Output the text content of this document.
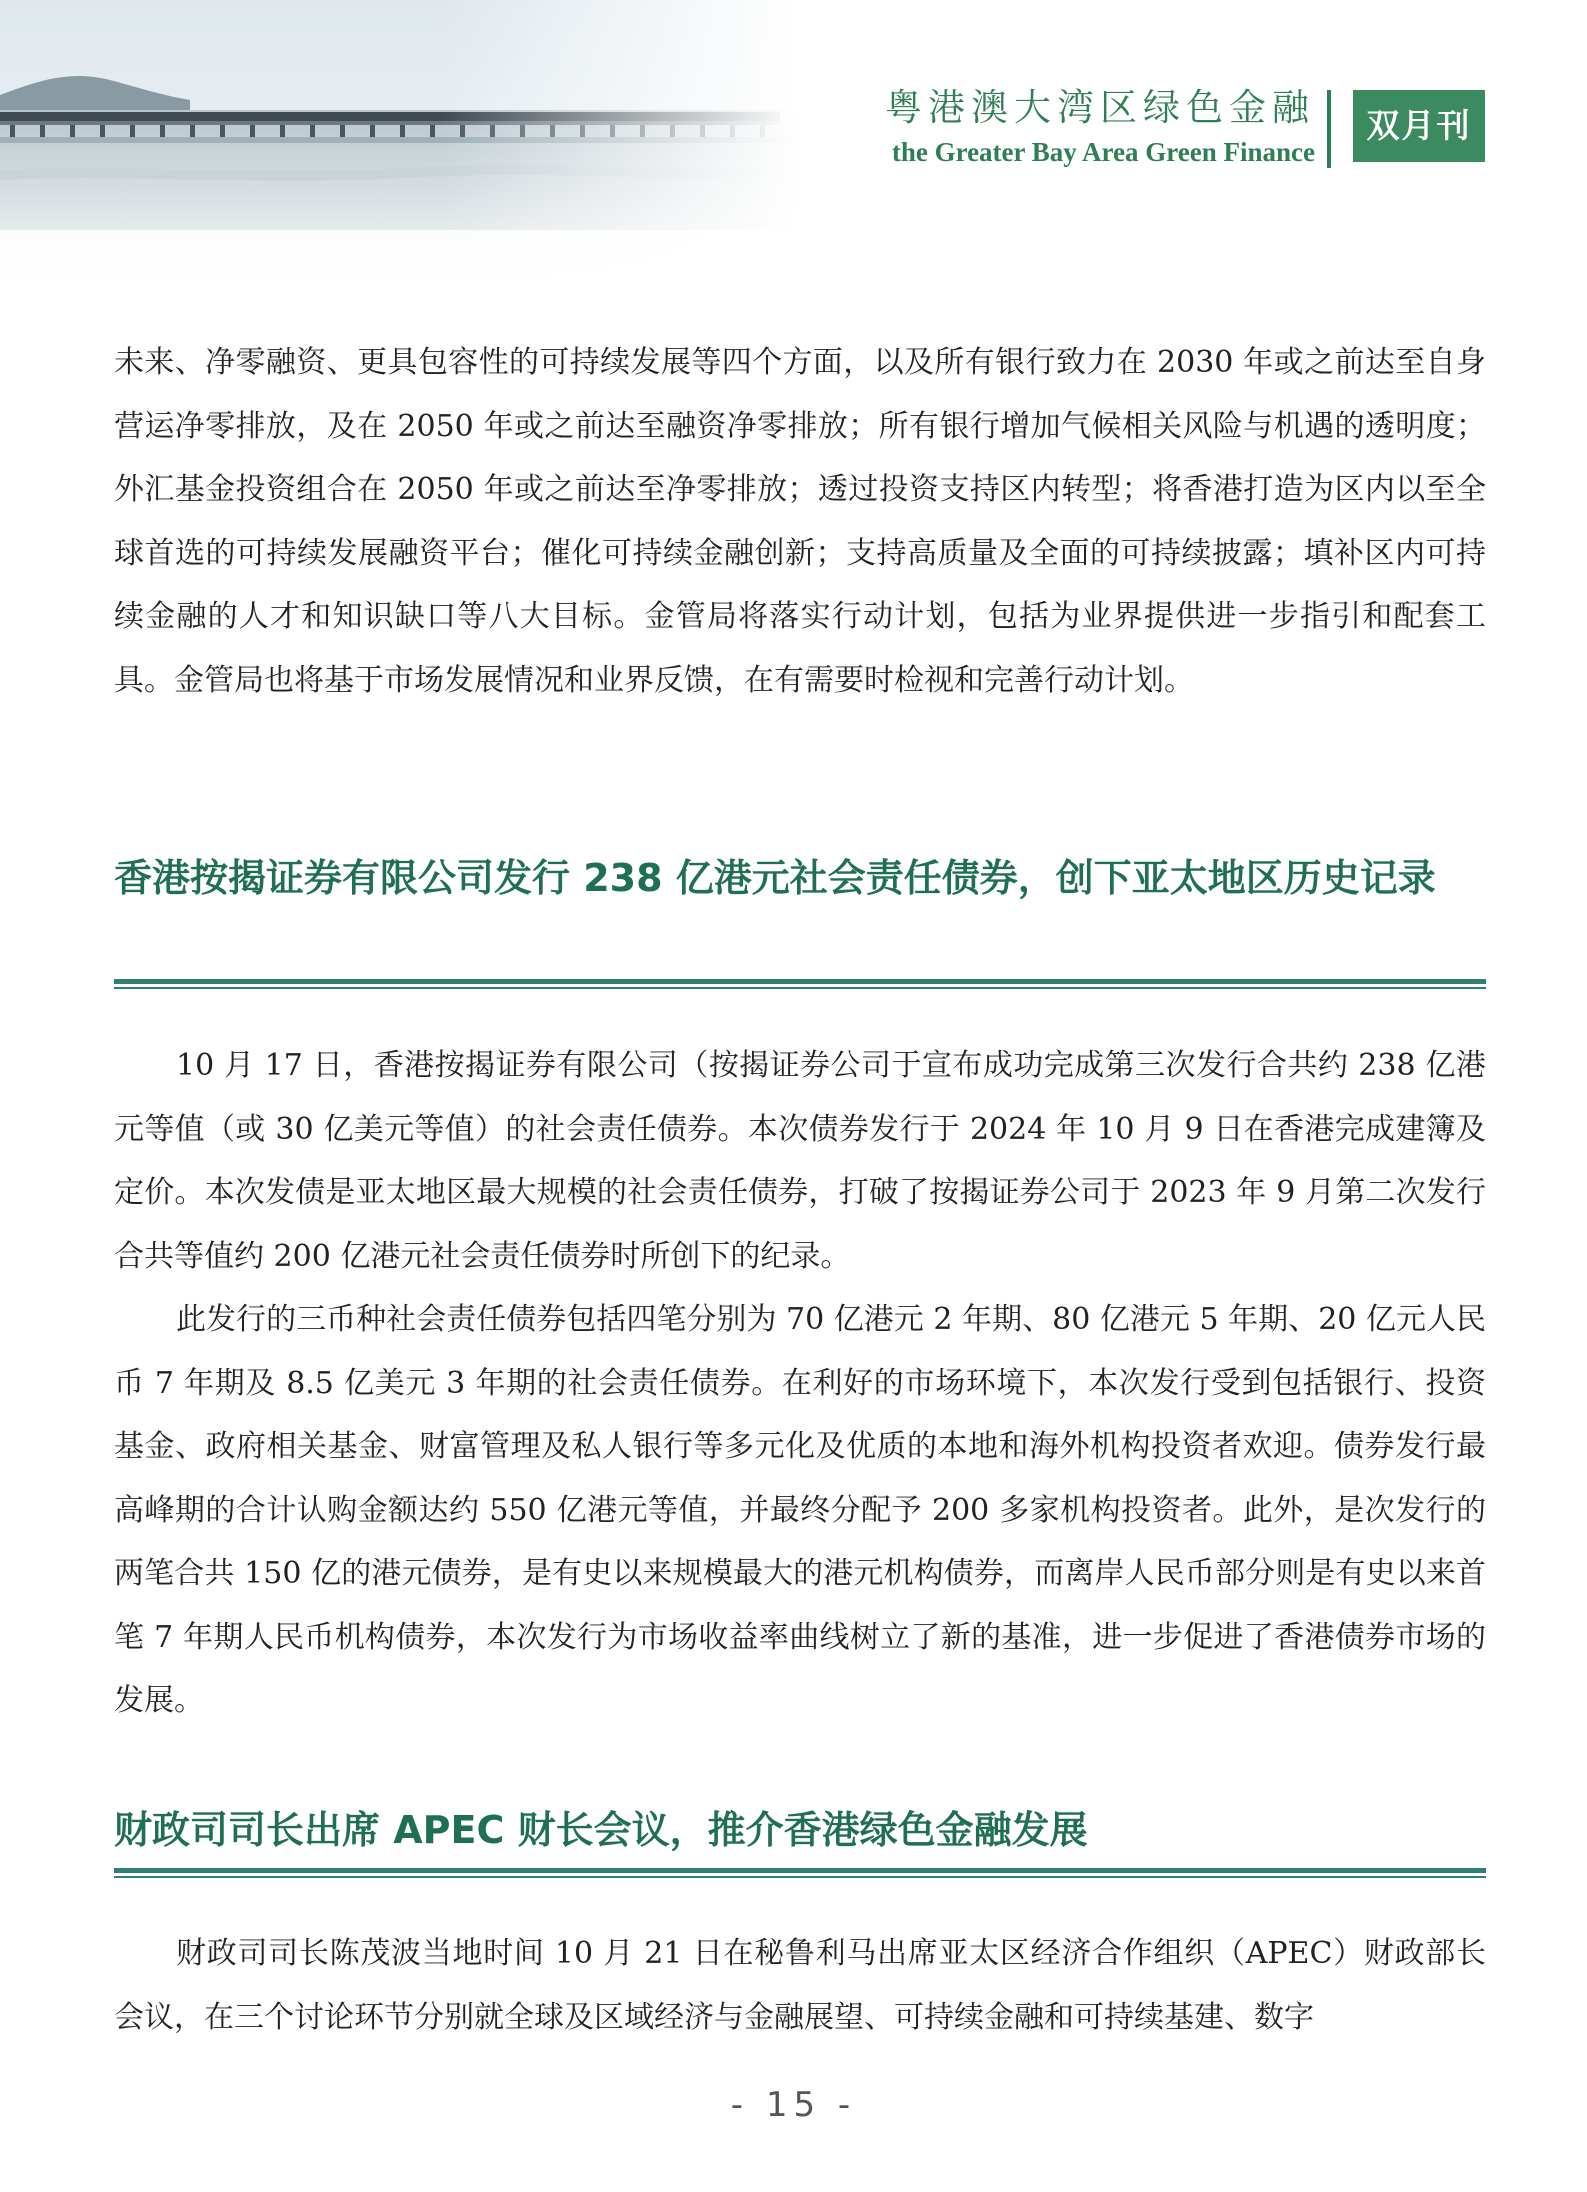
粤港澳大湾区绿色金融
the Greater Bay Area Green Finance
双月刊

未来、净零融资、更具包容性的可持续发展等四个方面，以及所有银行致力在 2030 年或之前达至自身营运净零排放，及在 2050 年或之前达至融资净零排放；所有银行增加气候相关风险与机遇的透明度；外汇基金投资组合在 2050 年或之前达至净零排放；透过投资支持区内转型；将香港打造为区内以至全球首选的可持续发展融资平台；催化可持续金融创新；支持高质量及全面的可持续披露；填补区内可持续金融的人才和知识缺口等八大目标。金管局将落实行动计划，包括为业界提供进一步指引和配套工具。金管局也将基于市场发展情况和业界反馈，在有需要时检视和完善行动计划。

香港按揭证券有限公司发行 238 亿港元社会责任债券，创下亚太地区历史记录

10 月 17 日，香港按揭证券有限公司（按揭证券公司于宣布成功完成第三次发行合共约 238 亿港元等值（或 30 亿美元等值）的社会责任债券。本次债券发行于 2024 年 10 月 9 日在香港完成建簿及定价。本次发债是亚太地区最大规模的社会责任债券，打破了按揭证券公司于 2023 年 9 月第二次发行合共等值约 200 亿港元社会责任债券时所创下的纪录。

此发行的三币种社会责任债券包括四笔分别为 70 亿港元 2 年期、80 亿港元 5 年期、20 亿元人民币 7 年期及 8.5 亿美元 3 年期的社会责任债券。在利好的市场环境下，本次发行受到包括银行、投资基金、政府相关基金、财富管理及私人银行等多元化及优质的本地和海外机构投资者欢迎。债券发行最高峰期的合计认购金额达约 550 亿港元等值，并最终分配予 200 多家机构投资者。此外，是次发行的两笔合共 150 亿的港元债券，是有史以来规模最大的港元机构债券，而离岸人民币部分则是有史以来首笔 7 年期人民币机构债券，本次发行为市场收益率曲线树立了新的基准，进一步促进了香港债券市场的发展。

财政司司长出席 APEC 财长会议，推介香港绿色金融发展

财政司司长陈茂波当地时间 10 月 21 日在秘鲁利马出席亚太区经济合作组织（APEC）财政部长会议，在三个讨论环节分别就全球及区域经济与金融展望、可持续金融和可持续基建、数字

- 15 -
